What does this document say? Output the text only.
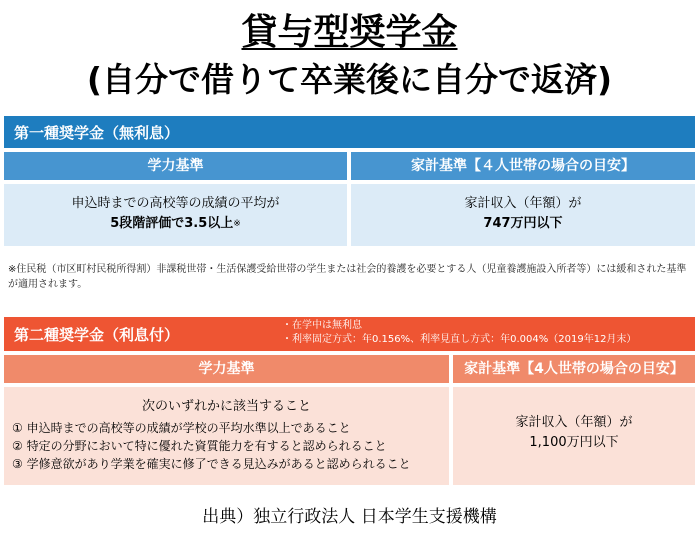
貸与型奨学金
(自分で借りて卒業後に自分で返済)
第一種奨学金（無利息）
学力基準	家計基準【４人世帯の場合の目安】
申込時までの高校等の成績の平均が
5段階評価で3.5以上※
家計収入（年額）が
747万円以下
※住民税（市区町村民税所得割）非課税世帯・生活保護受給世帯の学生または社会的養護を必要とする人（児童養護施設入所者等）には緩和された基準が適用されます。
第二種奨学金（利息付）
・在学中は無利息
・利率固定方式：年0.156%、利率見直し方式：年0.004%（2019年12月末）
学力基準	家計基準【4人世帯の場合の目安】
次のいずれかに該当すること
① 申込時までの高校等の成績が学校の平均水準以上であること
② 特定の分野において特に優れた資質能力を有すると認められること
③ 学修意欲があり学業を確実に修了できる見込みがあると認められること
家計収入（年額）が
1,100万円以下
出典）独立行政法人 日本学生支援機構
